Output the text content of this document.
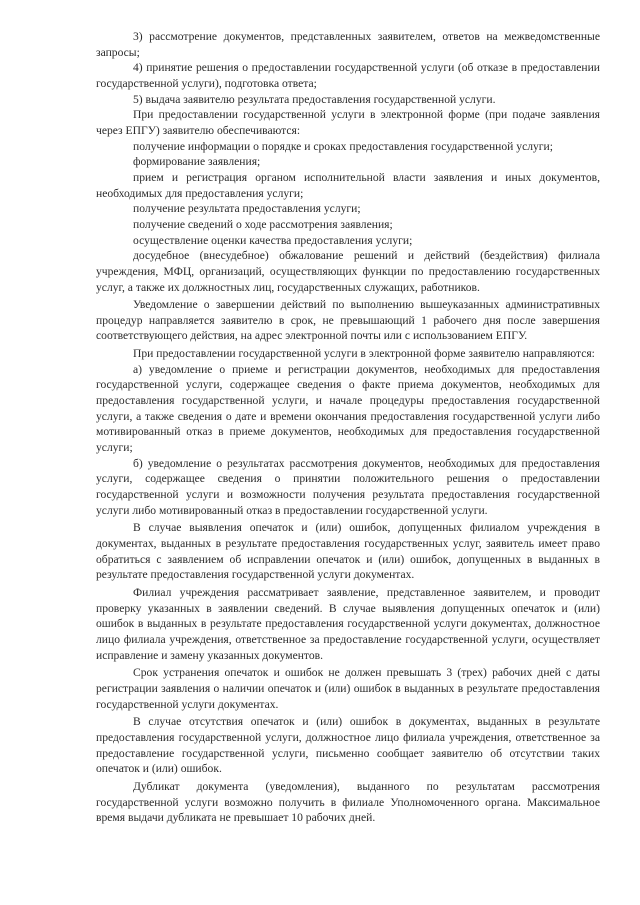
3) рассмотрение документов, представленных заявителем, ответов на межведомственные запросы;

4) принятие решения о предоставлении государственной услуги (об отказе в предоставлении государственной услуги), подготовка ответа;

5) выдача заявителю результата предоставления государственной услуги.

При предоставлении государственной услуги в электронной форме (при подаче заявления через ЕПГУ) заявителю обеспечиваются:

получение информации о порядке и сроках предоставления государственной услуги;

формирование заявления;

прием и регистрация органом исполнительной власти заявления и иных документов, необходимых для предоставления услуги;

получение результата предоставления услуги;

получение сведений о ходе рассмотрения заявления;

осуществление оценки качества предоставления услуги;

досудебное (внесудебное) обжалование решений и действий (бездействия) филиала учреждения, МФЦ, организаций, осуществляющих функции по предоставлению государственных услуг, а также их должностных лиц, государственных служащих, работников.

Уведомление о завершении действий по выполнению вышеуказанных административных процедур направляется заявителю в срок, не превышающий 1 рабочего дня после завершения соответствующего действия, на адрес электронной почты или с использованием ЕПГУ.

При предоставлении государственной услуги в электронной форме заявителю направляются:

а) уведомление о приеме и регистрации документов, необходимых для предоставления государственной услуги, содержащее сведения о факте приема документов, необходимых для предоставления государственной услуги, и начале процедуры предоставления государственной услуги, а также сведения о дате и времени окончания предоставления государственной услуги либо мотивированный отказ в приеме документов, необходимых для предоставления государственной услуги;

б) уведомление о результатах рассмотрения документов, необходимых для предоставления услуги, содержащее сведения о принятии положительного решения о предоставлении государственной услуги и возможности получения результата предоставления государственной услуги либо мотивированный отказ в предоставлении государственной услуги.

В случае выявления опечаток и (или) ошибок, допущенных филиалом учреждения в документах, выданных в результате предоставления государственных услуг, заявитель имеет право обратиться с заявлением об исправлении опечаток и (или) ошибок, допущенных в выданных в результате предоставления государственной услуги документах.

Филиал учреждения рассматривает заявление, представленное заявителем, и проводит проверку указанных в заявлении сведений. В случае выявления допущенных опечаток и (или) ошибок в выданных в результате предоставления государственной услуги документах, должностное лицо филиала учреждения, ответственное за предоставление государственной услуги, осуществляет исправление и замену указанных документов.

Срок устранения опечаток и ошибок не должен превышать 3 (трех) рабочих дней с даты регистрации заявления о наличии опечаток и (или) ошибок в выданных в результате предоставления государственной услуги документах.

В случае отсутствия опечаток и (или) ошибок в документах, выданных в результате предоставления государственной услуги, должностное лицо филиала учреждения, ответственное за предоставление государственной услуги, письменно сообщает заявителю об отсутствии таких опечаток и (или) ошибок.

Дубликат документа (уведомления), выданного по результатам рассмотрения государственной услуги возможно получить в филиале Уполномоченного органа. Максимальное время выдачи дубликата не превышает 10 рабочих дней.
